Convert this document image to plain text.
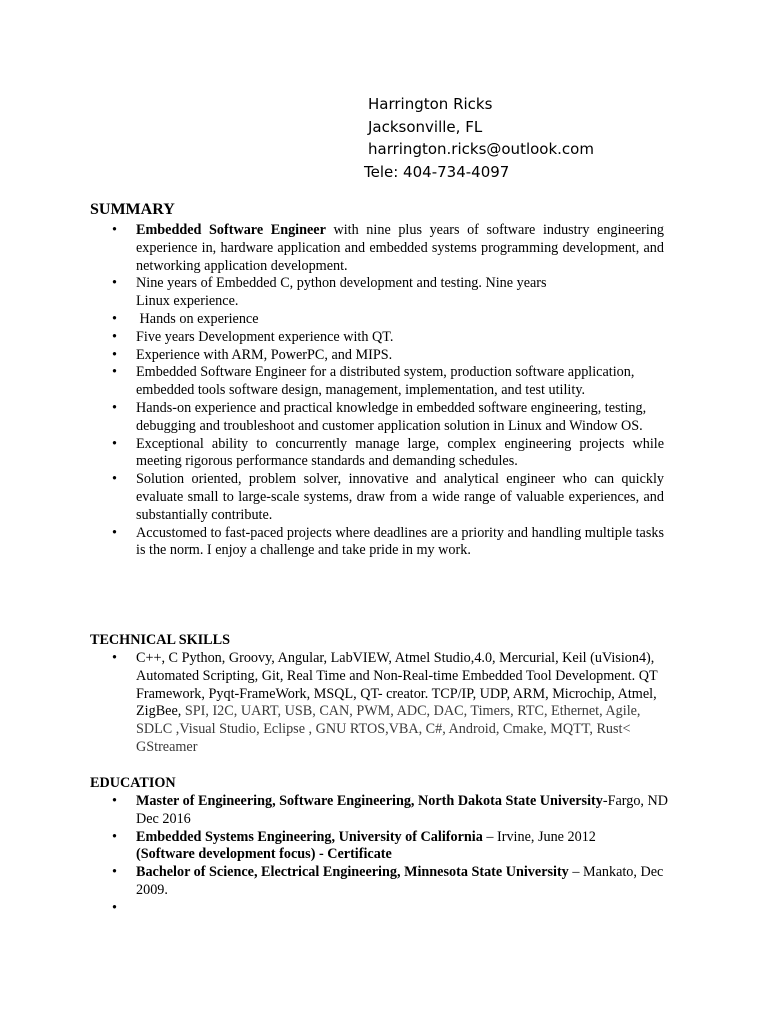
Harrington Ricks
Jacksonville, FL
harrington.ricks@outlook.com
Tele: 404-734-4097
SUMMARY
• Embedded Software Engineer with nine plus years of software industry engineering experience in, hardware application and embedded systems programming development, and networking application development.
• Nine years of Embedded C, python development and testing. Nine years
Linux experience.
•  Hands on experience
• Five years Development experience with QT.
• Experience with ARM, PowerPC, and MIPS.
• Embedded Software Engineer for a distributed system, production software application, embedded tools software design, management, implementation, and test utility.
• Hands-on experience and practical knowledge in embedded software engineering, testing, debugging and troubleshoot and customer application solution in Linux and Window OS.
• Exceptional ability to concurrently manage large, complex engineering projects while meeting rigorous performance standards and demanding schedules.
• Solution oriented, problem solver, innovative and analytical engineer who can quickly evaluate small to large-scale systems, draw from a wide range of valuable experiences, and substantially contribute.
• Accustomed to fast-paced projects where deadlines are a priority and handling multiple tasks is the norm. I enjoy a challenge and take pride in my work.
TECHNICAL SKILLS
• C++, C Python, Groovy, Angular, LabVIEW, Atmel Studio,4.0, Mercurial, Keil (uVision4), Automated Scripting, Git, Real Time and Non-Real-time Embedded Tool Development. QT Framework, Pyqt-FrameWork, MSQL, QT- creator. TCP/IP, UDP, ARM, Microchip, Atmel, ZigBee, SPI, I2C, UART, USB, CAN, PWM, ADC, DAC, Timers, RTC, Ethernet, Agile, SDLC ,Visual Studio, Eclipse , GNU RTOS,VBA, C#, Android, Cmake, MQTT, Rust< GStreamer
EDUCATION
• Master of Engineering, Software Engineering, North Dakota State University-Fargo, ND Dec 2016
• Embedded Systems Engineering, University of California – Irvine, June 2012
(Software development focus) - Certificate
• Bachelor of Science, Electrical Engineering, Minnesota State University – Mankato, Dec 2009.
•
